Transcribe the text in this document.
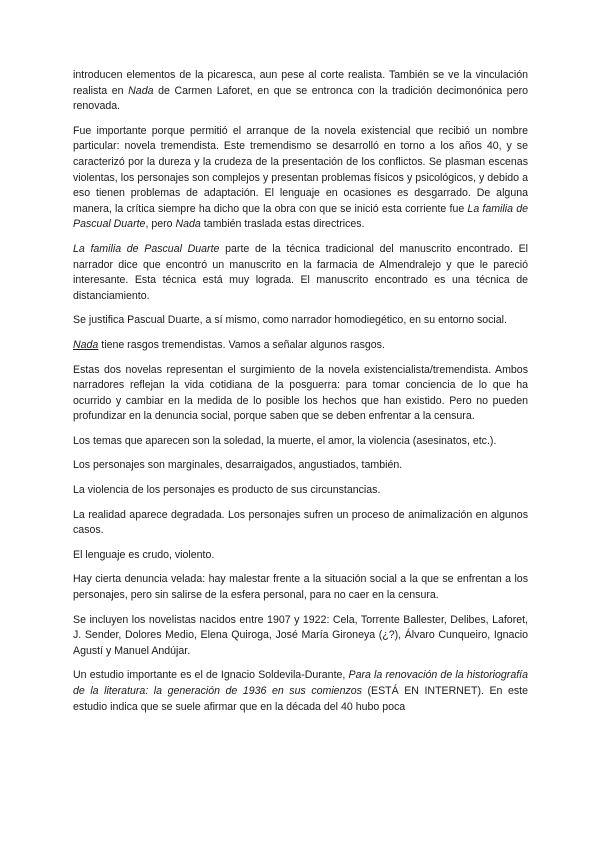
introducen elementos de la picaresca, aun pese al corte realista. También se ve la vinculación realista en Nada de Carmen Laforet, en que se entronca con la tradición decimonónica pero renovada.

Fue importante porque permitió el arranque de la novela existencial que recibió un nombre particular: novela tremendista. Este tremendismo se desarrolló en torno a los años 40, y se caracterizó por la dureza y la crudeza de la presentación de los conflictos. Se plasman escenas violentas, los personajes son complejos y presentan problemas físicos y psicológicos, y debido a eso tienen problemas de adaptación. El lenguaje en ocasiones es desgarrado. De alguna manera, la crítica siempre ha dicho que la obra con que se inició esta corriente fue La familia de Pascual Duarte, pero Nada también traslada estas directrices.

La familia de Pascual Duarte parte de la técnica tradicional del manuscrito encontrado. El narrador dice que encontró un manuscrito en la farmacia de Almendralejo y que le pareció interesante. Esta técnica está muy lograda. El manuscrito encontrado es una técnica de distanciamiento.

Se justifica Pascual Duarte, a sí mismo, como narrador homodiegético, en su entorno social.

Nada tiene rasgos tremendistas. Vamos a señalar algunos rasgos.

Estas dos novelas representan el surgimiento de la novela existencialista/tremendista. Ambos narradores reflejan la vida cotidiana de la posguerra: para tomar conciencia de lo que ha ocurrido y cambiar en la medida de lo posible los hechos que han existido. Pero no pueden profundizar en la denuncia social, porque saben que se deben enfrentar a la censura.

Los temas que aparecen son la soledad, la muerte, el amor, la violencia (asesinatos, etc.).

Los personajes son marginales, desarraigados, angustiados, también.

La violencia de los personajes es producto de sus circunstancias.

La realidad aparece degradada. Los personajes sufren un proceso de animalización en algunos casos.

El lenguaje es crudo, violento.

Hay cierta denuncia velada: hay malestar frente a la situación social a la que se enfrentan a los personajes, pero sin salirse de la esfera personal, para no caer en la censura.

Se incluyen los novelistas nacidos entre 1907 y 1922: Cela, Torrente Ballester, Delibes, Laforet, J. Sender, Dolores Medio, Elena Quiroga, José María Gironeya (¿?), Álvaro Cunqueiro, Ignacio Agustí y Manuel Andújar.

Un estudio importante es el de Ignacio Soldevila-Durante, Para la renovación de la historiografía de la literatura: la generación de 1936 en sus comienzos (ESTÁ EN INTERNET). En este estudio indica que se suele afirmar que en la década del 40 hubo poca
